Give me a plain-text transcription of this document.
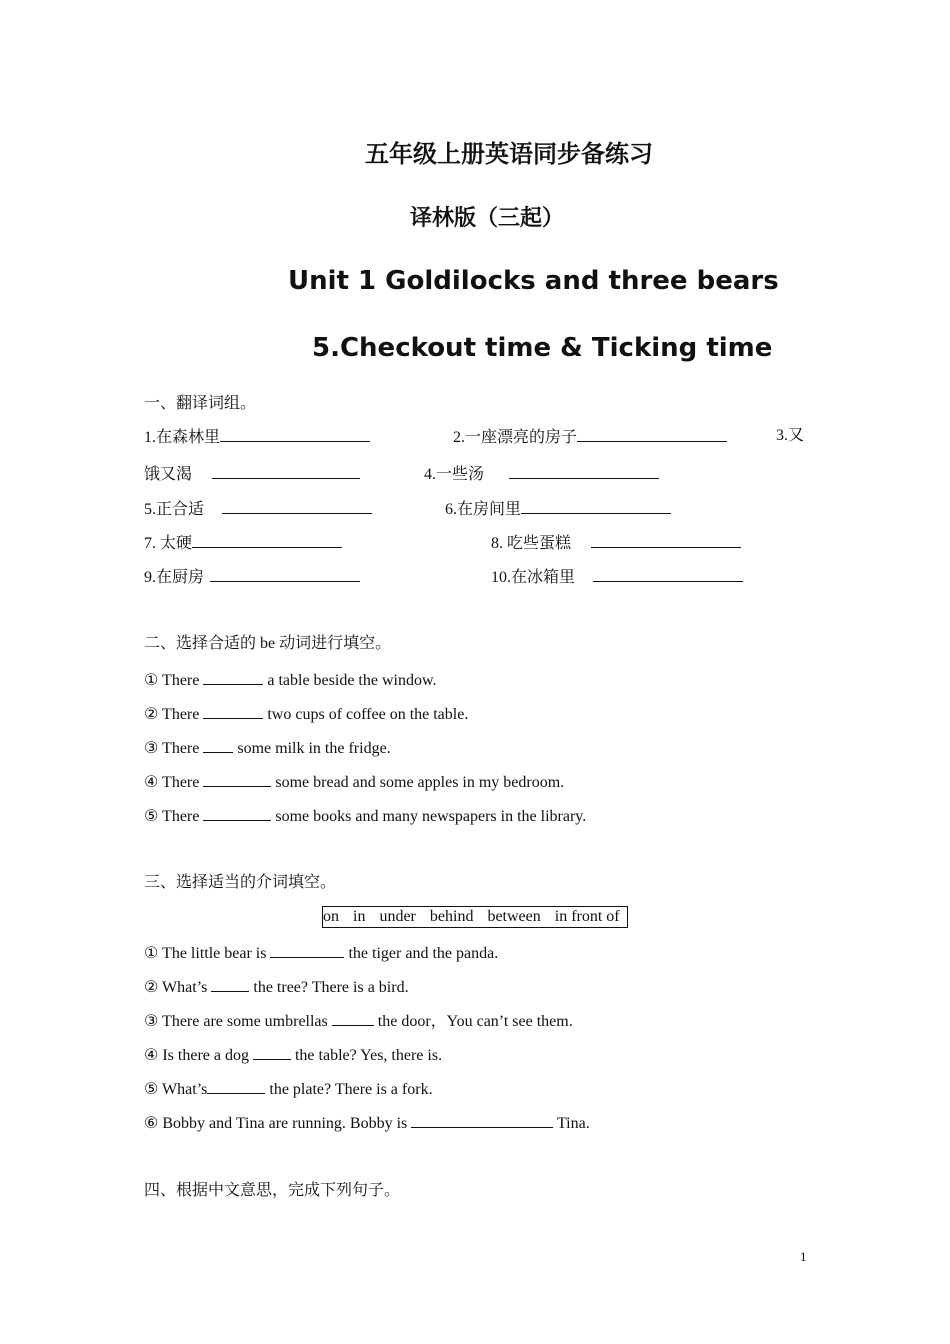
五年级上册英语同步备练习
译林版（三起）
Unit 1 Goldilocks and three bears
5.Checkout time & Ticking time
一、翻译词组。
1.在森林里	2.一座漂亮的房子	3.又
饿又渴	4.一些汤
5.正合适	6.在房间里
7. 太硬	8. 吃些蛋糕
9.在厨房	10.在冰箱里
二、选择合适的 be 动词进行填空。
① There	a table beside the window.
② There	two cups of coffee on the table.
③ There  some milk in the fridge.
④ There	some bread and some apples in my bedroom.
⑤ There	some books and many newspapers in the library.
三、选择适当的介词填空。
on in under behind between in front of
① The little bear is	the tiger and the panda.
② What’s  the tree? There is a bird.
③ There are some umbrellas	the door，You can’t see them.
④ Is there a dog  the table? Yes, there is.
⑤ What’s	the plate? There is a fork.
⑥ Bobby and Tina are running. Bobby is	Tina.
四、根据中文意思，完成下列句子。
1
